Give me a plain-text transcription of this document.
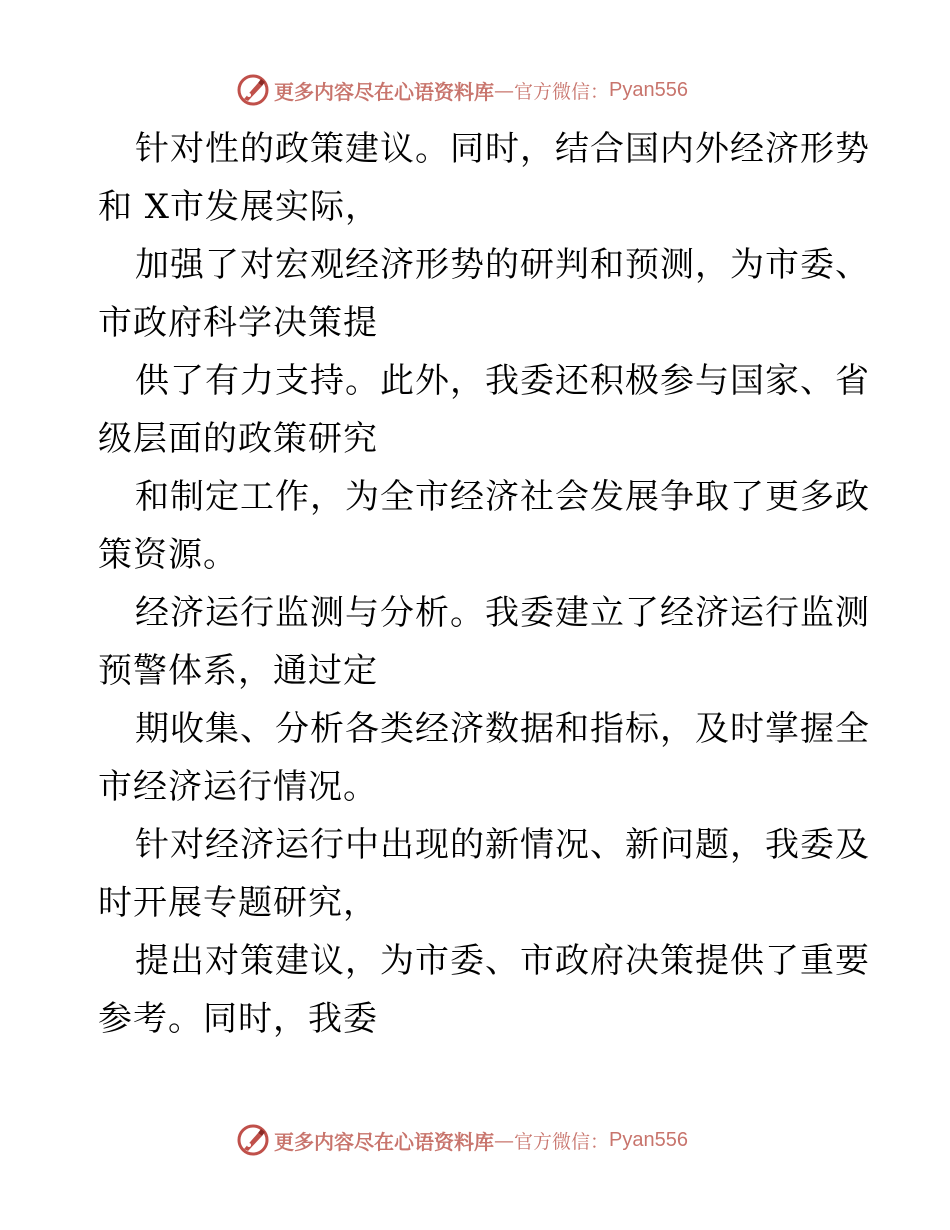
更多内容尽在心语资料库 — 官方微信： Pyan556
针对性的政策建议。同时，结合国内外经济形势
和 X市发展实际，
加强了对宏观经济形势的研判和预测，为市委、
市政府科学决策提
供了有力支持。此外，我委还积极参与国家、省
级层面的政策研究
和制定工作，为全市经济社会发展争取了更多政
策资源。
经济运行监测与分析。我委建立了经济运行监测
预警体系，通过定
期收集、分析各类经济数据和指标，及时掌握全
市经济运行情况。
针对经济运行中出现的新情况、新问题，我委及
时开展专题研究，
提出对策建议，为市委、市政府决策提供了重要
参考。同时，我委
更多内容尽在心语资料库 — 官方微信： Pyan556
